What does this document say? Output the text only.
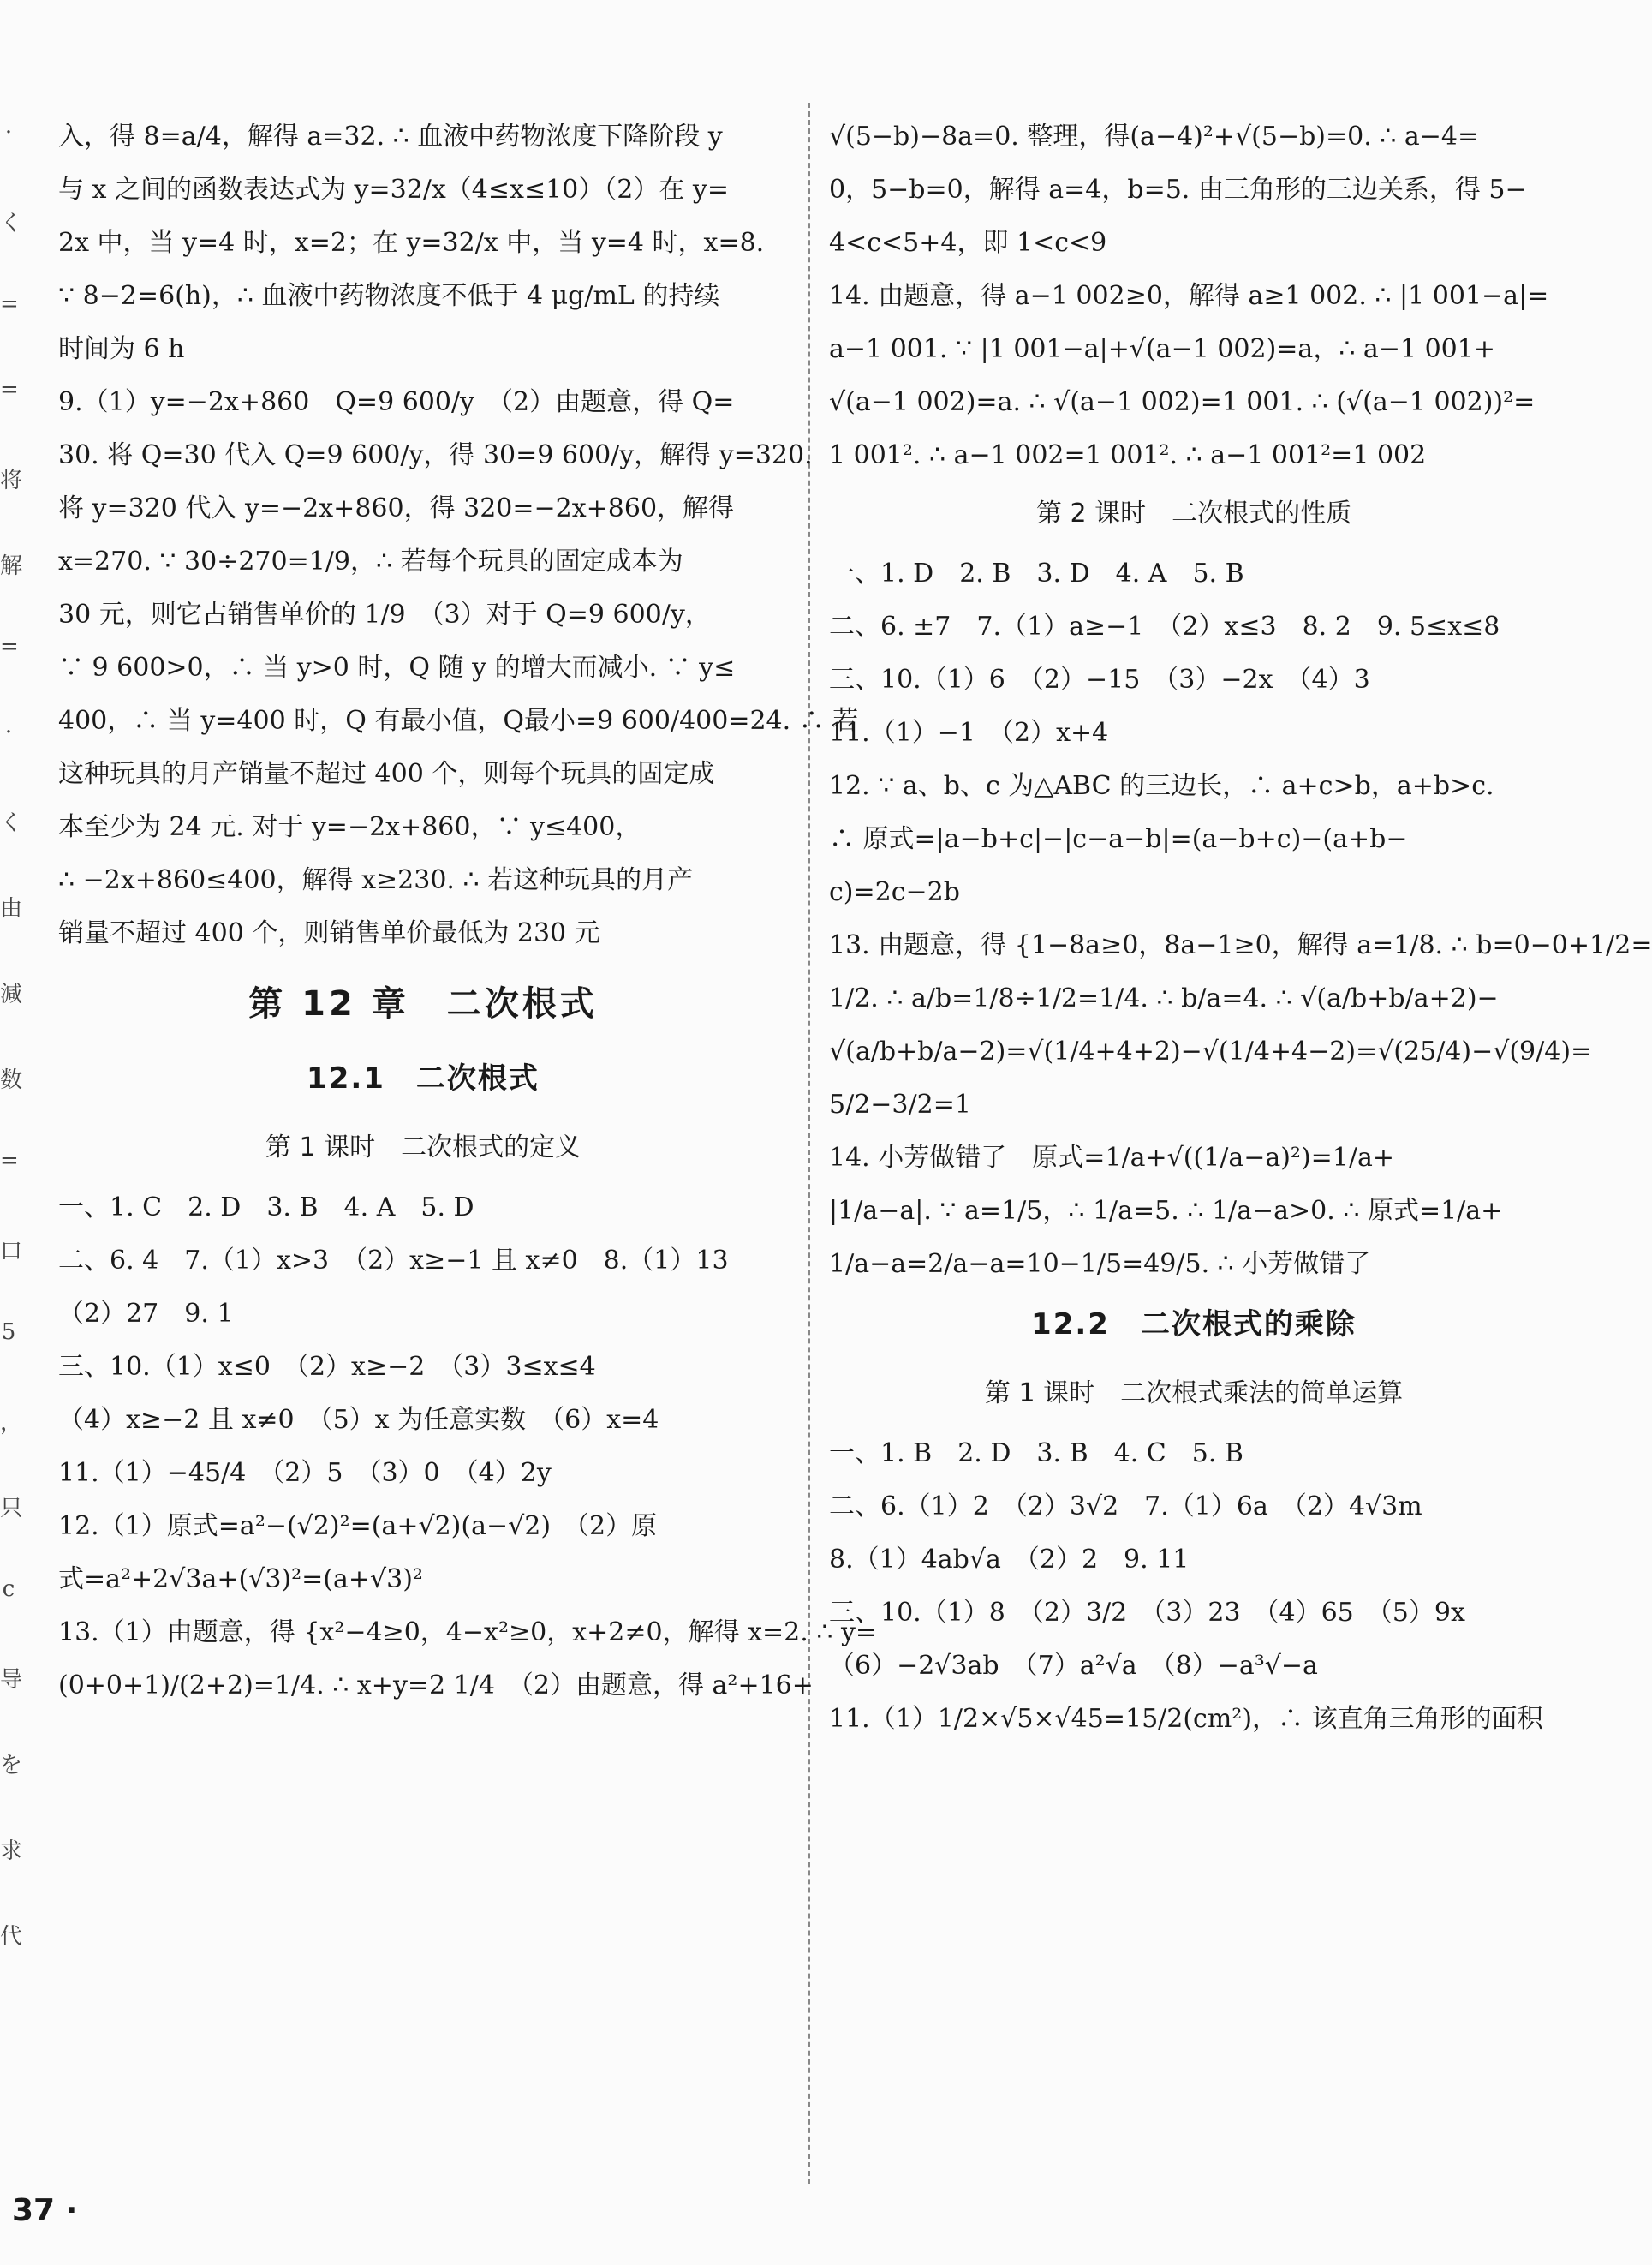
·
く
=
=
将
解
=
·
く
由
減
数
=
口
5
，
只
c
导
を
求
代
入，得 8=a/4，解得 a=32. ∴ 血液中药物浓度下降阶段 y
与 x 之间的函数表达式为 y=32/x（4≤x≤10）（2）在 y=
2x 中，当 y=4 时，x=2；在 y=32/x 中，当 y=4 时，x=8.
∵ 8−2=6(h)，∴ 血液中药物浓度不低于 4 μg/mL 的持续
时间为 6 h
9.（1）y=−2x+860　Q=9 600/y　（2）由题意，得 Q=
30. 将 Q=30 代入 Q=9 600/y，得 30=9 600/y，解得 y=320.
将 y=320 代入 y=−2x+860，得 320=−2x+860，解得
x=270. ∵ 30÷270=1/9，∴ 若每个玩具的固定成本为
30 元，则它占销售单价的 1/9　（3）对于 Q=9 600/y，
∵ 9 600>0，∴ 当 y>0 时，Q 随 y 的增大而减小. ∵ y≤
400，∴ 当 y=400 时，Q 有最小值，Q最小=9 600/400=24. ∴ 若
这种玩具的月产销量不超过 400 个，则每个玩具的固定成
本至少为 24 元. 对于 y=−2x+860，∵ y≤400，
∴ −2x+860≤400，解得 x≥230. ∴ 若这种玩具的月产
销量不超过 400 个，则销售单价最低为 230 元
第 12 章　二次根式
12.1　二次根式
第 1 课时　二次根式的定义
一、1. C　2. D　3. B　4. A　5. D
二、6. 4　7.（1）x>3　（2）x≥−1 且 x≠0　8.（1）13
（2）27　9. 1
三、10.（1）x≤0　（2）x≥−2　（3）3≤x≤4
（4）x≥−2 且 x≠0　（5）x 为任意实数　（6）x=4
11.（1）−45/4　（2）5　（3）0　（4）2y
12.（1）原式=a²−(√2)²=(a+√2)(a−√2)　（2）原
式=a²+2√3a+(√3)²=(a+√3)²
13.（1）由题意，得 {x²−4≥0，4−x²≥0，x+2≠0，解得 x=2. ∴ y=
(0+0+1)/(2+2)=1/4. ∴ x+y=2 1/4　（2）由题意，得 a²+16+
√(5−b)−8a=0. 整理，得(a−4)²+√(5−b)=0. ∴ a−4=
0，5−b=0，解得 a=4，b=5. 由三角形的三边关系，得 5−
4<c<5+4，即 1<c<9
14. 由题意，得 a−1 002≥0，解得 a≥1 002. ∴ |1 001−a|=
a−1 001. ∵ |1 001−a|+√(a−1 002)=a，∴ a−1 001+
√(a−1 002)=a. ∴ √(a−1 002)=1 001. ∴ (√(a−1 002))²=
1 001². ∴ a−1 002=1 001². ∴ a−1 001²=1 002
第 2 课时　二次根式的性质
一、1. D　2. B　3. D　4. A　5. B
二、6. ±7　7.（1）a≥−1　（2）x≤3　8. 2　9. 5≤x≤8
三、10.（1）6　（2）−15　（3）−2x　（4）3
11.（1）−1　（2）x+4
12. ∵ a、b、c 为△ABC 的三边长，∴ a+c>b，a+b>c.
∴ 原式=|a−b+c|−|c−a−b|=(a−b+c)−(a+b−
c)=2c−2b
13. 由题意，得 {1−8a≥0，8a−1≥0，解得 a=1/8. ∴ b=0−0+1/2=
1/2. ∴ a/b=1/8÷1/2=1/4. ∴ b/a=4. ∴ √(a/b+b/a+2)−
√(a/b+b/a−2)=√(1/4+4+2)−√(1/4+4−2)=√(25/4)−√(9/4)=
5/2−3/2=1
14. 小芳做错了　原式=1/a+√((1/a−a)²)=1/a+
|1/a−a|. ∵ a=1/5，∴ 1/a=5. ∴ 1/a−a>0. ∴ 原式=1/a+
1/a−a=2/a−a=10−1/5=49/5. ∴ 小芳做错了
12.2　二次根式的乘除
第 1 课时　二次根式乘法的简单运算
一、1. B　2. D　3. B　4. C　5. B
二、6.（1）2　（2）3√2　7.（1）6a　（2）4√3m
8.（1）4ab√a　（2）2　9. 11
三、10.（1）8　（2）3/2　（3）23　（4）65　（5）9x
（6）−2√3ab　（7）a²√a　（8）−a³√−a
11.（1）1/2×√5×√45=15/2(cm²)，∴ 该直角三角形的面积
37 ·
